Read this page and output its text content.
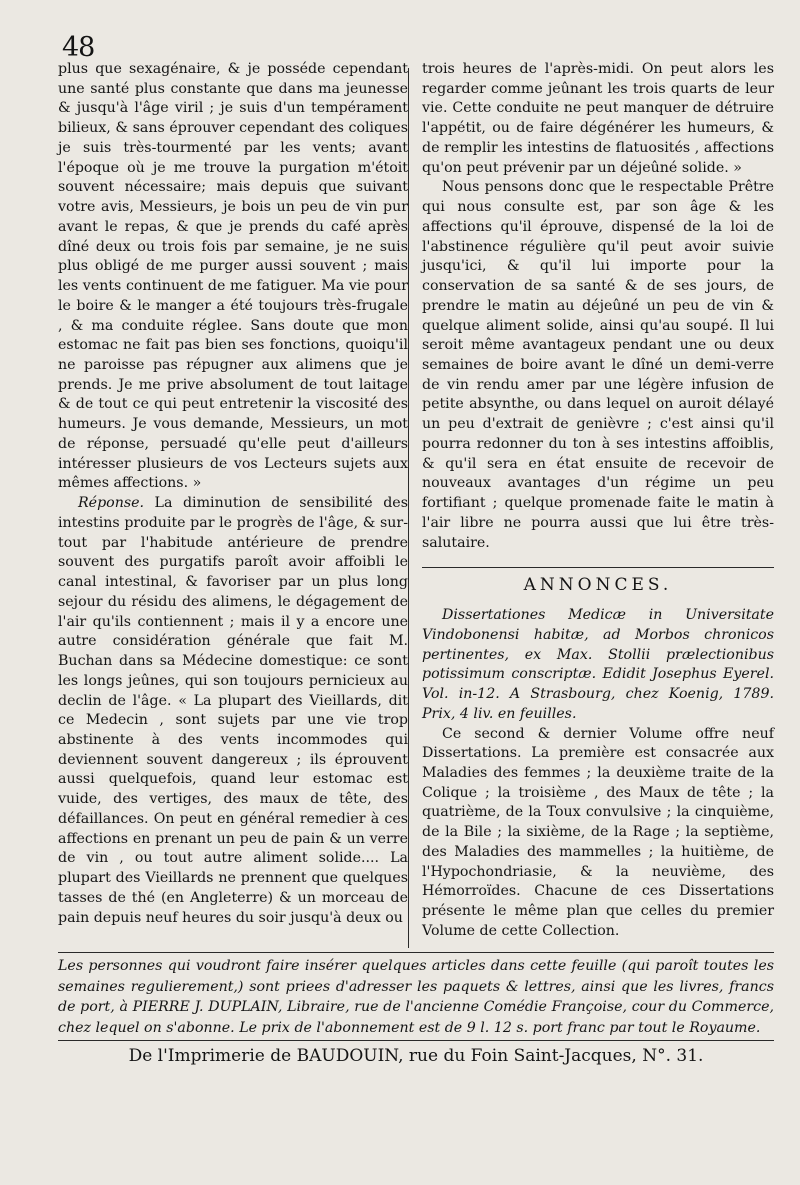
48

plus que sexagénaire, & je posséde cependant une santé plus constante que dans ma jeunesse & jusqu'à l'âge viril ; je suis d'un tempérament bilieux, & sans éprouver cependant des coliques je suis très-tourmenté par les vents; avant l'époque où je me trouve la purgation m'étoit souvent nécessaire; mais depuis que suivant votre avis, Messieurs, je bois un peu de vin pur avant le repas, & que je prends du café après dîné deux ou trois fois par semaine, je ne suis plus obligé de me purger aussi souvent ; mais les vents continuent de me fatiguer. Ma vie pour le boire & le manger a été toujours très-frugale , & ma conduite réglee. Sans doute que mon estomac ne fait pas bien ses fonctions, quoiqu'il ne paroisse pas répugner aux alimens que je prends. Je me prive absolument de tout laitage & de tout ce qui peut entretenir la viscosité des humeurs. Je vous demande, Messieurs, un mot de réponse, persuadé qu'elle peut d'ailleurs intéresser plusieurs de vos Lecteurs sujets aux mêmes affections. »

Réponse. La diminution de sensibilité des intestins produite par le progrès de l'âge, & sur-tout par l'habitude antérieure de prendre souvent des purgatifs paroît avoir affoibli le canal intestinal, & favoriser par un plus long sejour du résidu des alimens, le dégagement de l'air qu'ils contiennent ; mais il y a encore une autre considération générale que fait M. Buchan dans sa Médecine domestique: ce sont les longs jeûnes, qui son toujours pernicieux au declin de l'âge. « La plupart des Vieillards, dit ce Medecin , sont sujets par une vie trop abstinente à des vents incommodes qui deviennent souvent dangereux ; ils éprouvent aussi quelquefois, quand leur estomac est vuide, des vertiges, des maux de tête, des défaillances. On peut en général remedier à ces affections en prenant un peu de pain & un verre de vin , ou tout autre aliment solide.... La plupart des Vieillards ne prennent que quelques tasses de thé (en Angleterre) & un morceau de pain depuis neuf heures du soir jusqu'à deux ou

trois heures de l'après-midi. On peut alors les regarder comme jeûnant les trois quarts de leur vie. Cette conduite ne peut manquer de détruire l'appétit, ou de faire dégénérer les humeurs, & de remplir les intestins de flatuosités , affections qu'on peut prévenir par un déjeûné solide. »

Nous pensons donc que le respectable Prêtre qui nous consulte est, par son âge & les affections qu'il éprouve, dispensé de la loi de l'abstinence régulière qu'il peut avoir suivie jusqu'ici, & qu'il lui importe pour la conservation de sa santé & de ses jours, de prendre le matin au déjeûné un peu de vin & quelque aliment solide, ainsi qu'au soupé. Il lui seroit même avantageux pendant une ou deux semaines de boire avant le dîné un demi-verre de vin rendu amer par une légère infusion de petite absynthe, ou dans lequel on auroit délayé un peu d'extrait de genièvre ; c'est ainsi qu'il pourra redonner du ton à ses intestins affoiblis, & qu'il sera en état ensuite de recevoir de nouveaux avantages d'un régime un peu fortifiant ; quelque promenade faite le matin à l'air libre ne pourra aussi que lui être très-salutaire.

ANNONCES.

Dissertationes Medicæ in Universitate Vindobonensi habitæ, ad Morbos chronicos pertinentes, ex Max. Stollii prælectionibus potissimum conscriptæ. Edidit Josephus Eyerel. Vol. in-12. A Strasbourg, chez Koenig, 1789. Prix, 4 liv. en feuilles.

Ce second & dernier Volume offre neuf Dissertations. La première est consacrée aux Maladies des femmes ; la deuxième traite de la Colique ; la troisième , des Maux de tête ; la quatrième, de la Toux convulsive ; la cinquième, de la Bile ; la sixième, de la Rage ; la septième, des Maladies des mammelles ; la huitième, de l'Hypochondriasie, & la neuvième, des Hémorroïdes. Chacune de ces Dissertations présente le même plan que celles du premier Volume de cette Collection.

Les personnes qui voudront faire insérer quelques articles dans cette feuille (qui paroît toutes les semaines regulierement,) sont priees d'adresser les paquets & lettres, ainsi que les livres, francs de port, à PIERRE J. DUPLAIN, Libraire, rue de l'ancienne Comédie Françoise, cour du Commerce, chez lequel on s'abonne. Le prix de l'abonnement est de 9 l. 12 s. port franc par tout le Royaume.
De l'Imprimerie de BAUDOUIN, rue du Foin Saint-Jacques, N°. 31.
